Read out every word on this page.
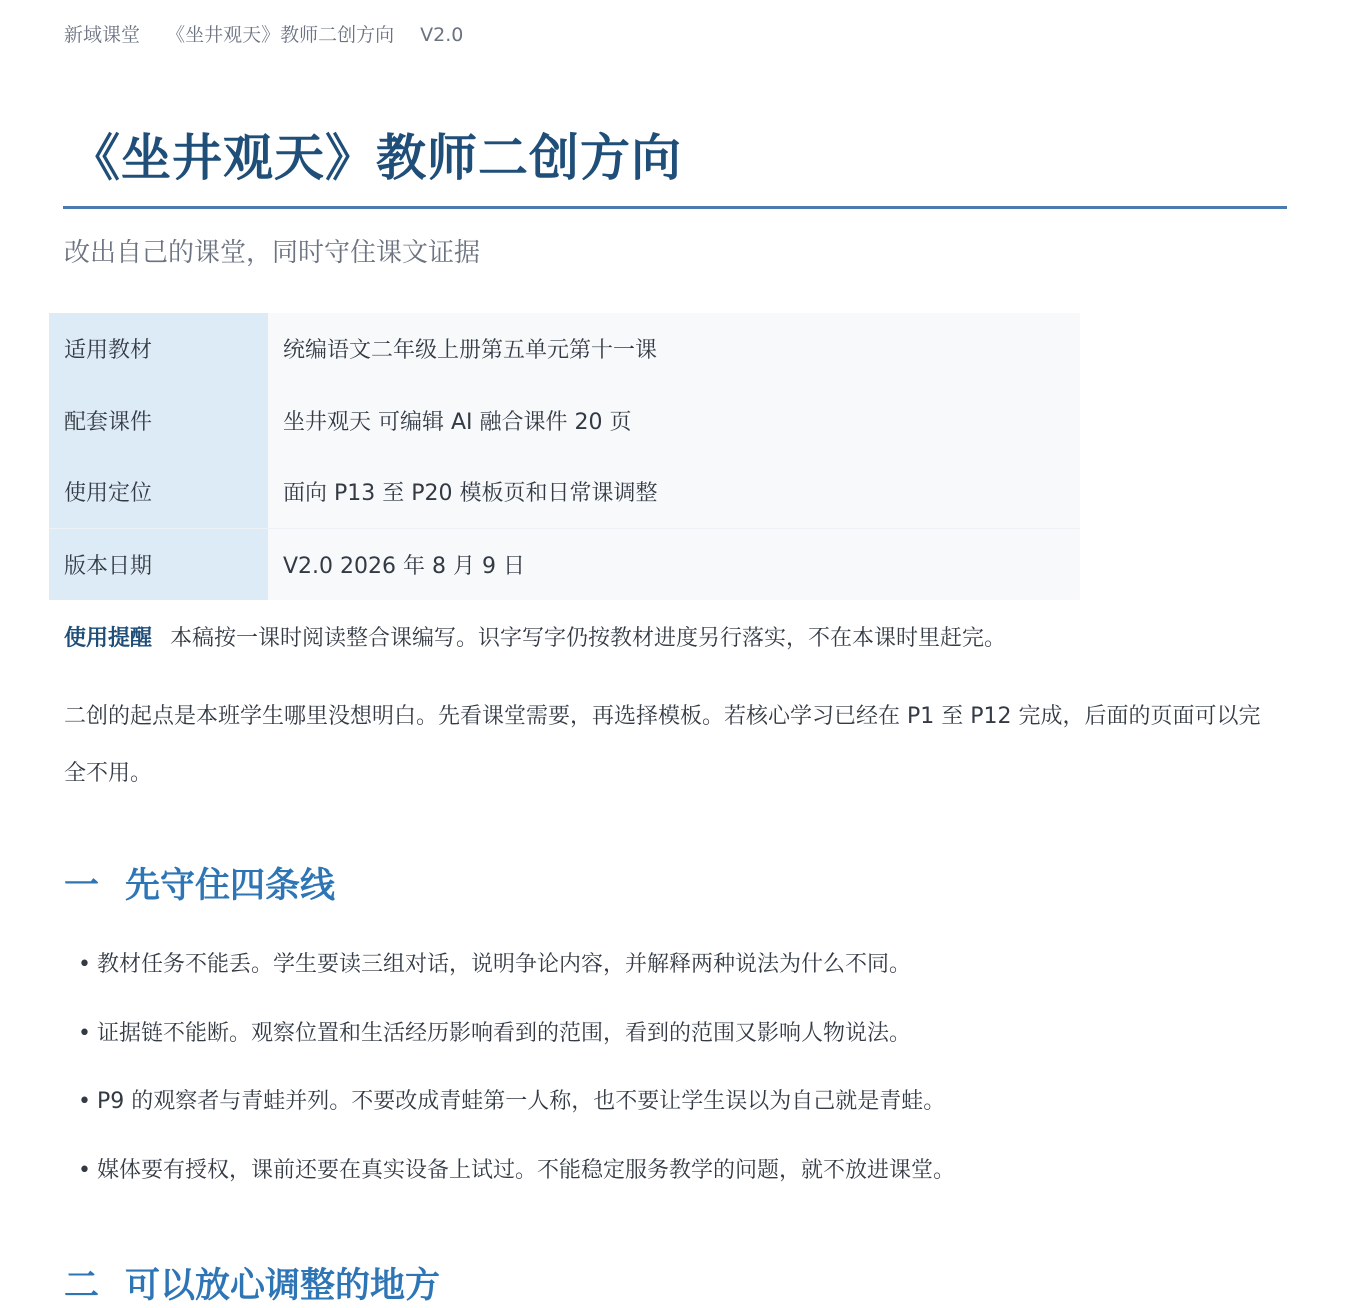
新域课堂 《坐井观天》教师二创方向 V2.0
《坐井观天》教师二创方向
改出自己的课堂，同时守住课文证据
适用教材	统编语文二年级上册第五单元第十一课
配套课件	坐井观天 可编辑 AI 融合课件 20 页
使用定位	面向 P13 至 P20 模板页和日常课调整
版本日期	V2.0 2026 年 8 月 9 日

使用提醒 本稿按一课时阅读整合课编写。识字写字仍按教材进度另行落实，不在本课时里赶完。

二创的起点是本班学生哪里没想明白。先看课堂需要，再选择模板。若核心学习已经在 P1 至 P12 完成，后面的页面可以完全不用。

一 先守住四条线
• 教材任务不能丢。学生要读三组对话，说明争论内容，并解释两种说法为什么不同。
• 证据链不能断。观察位置和生活经历影响看到的范围，看到的范围又影响人物说法。
• P9 的观察者与青蛙并列。不要改成青蛙第一人称，也不要让学生误以为自己就是青蛙。
• 媒体要有授权，课前还要在真实设备上试过。不能稳定服务教学的问题，就不放进课堂。
二 可以放心调整的地方
